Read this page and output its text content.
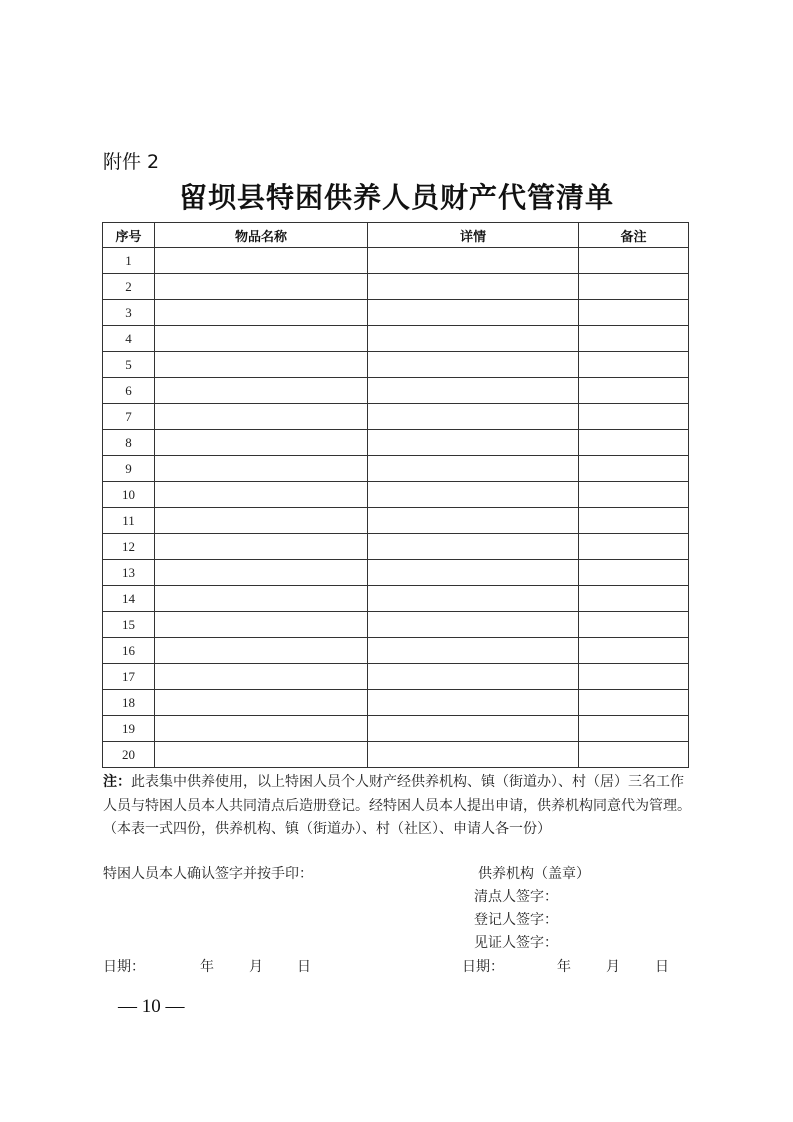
附件 2
留坝县特困供养人员财产代管清单
序号	物品名称	详情	备注
1			
2			
3			
4			
5			
6			
7			
8			
9			
10			
11			
12			
13			
14			
15			
16			
17			
18			
19			
20			
注：此表集中供养使用，以上特困人员个人财产经供养机构、镇（街道办）、村（居）三名工作人员与特困人员本人共同清点后造册登记。经特困人员本人提出申请，供养机构同意代为管理。（本表一式四份，供养机构、镇（街道办）、村（社区）、申请人各一份）
特困人员本人确认签字并按手印：	供养机构（盖章）
清点人签字：
登记人签字：
见证人签字：
日期：	年	月 日	日期：	年	月	日
— 10 —
